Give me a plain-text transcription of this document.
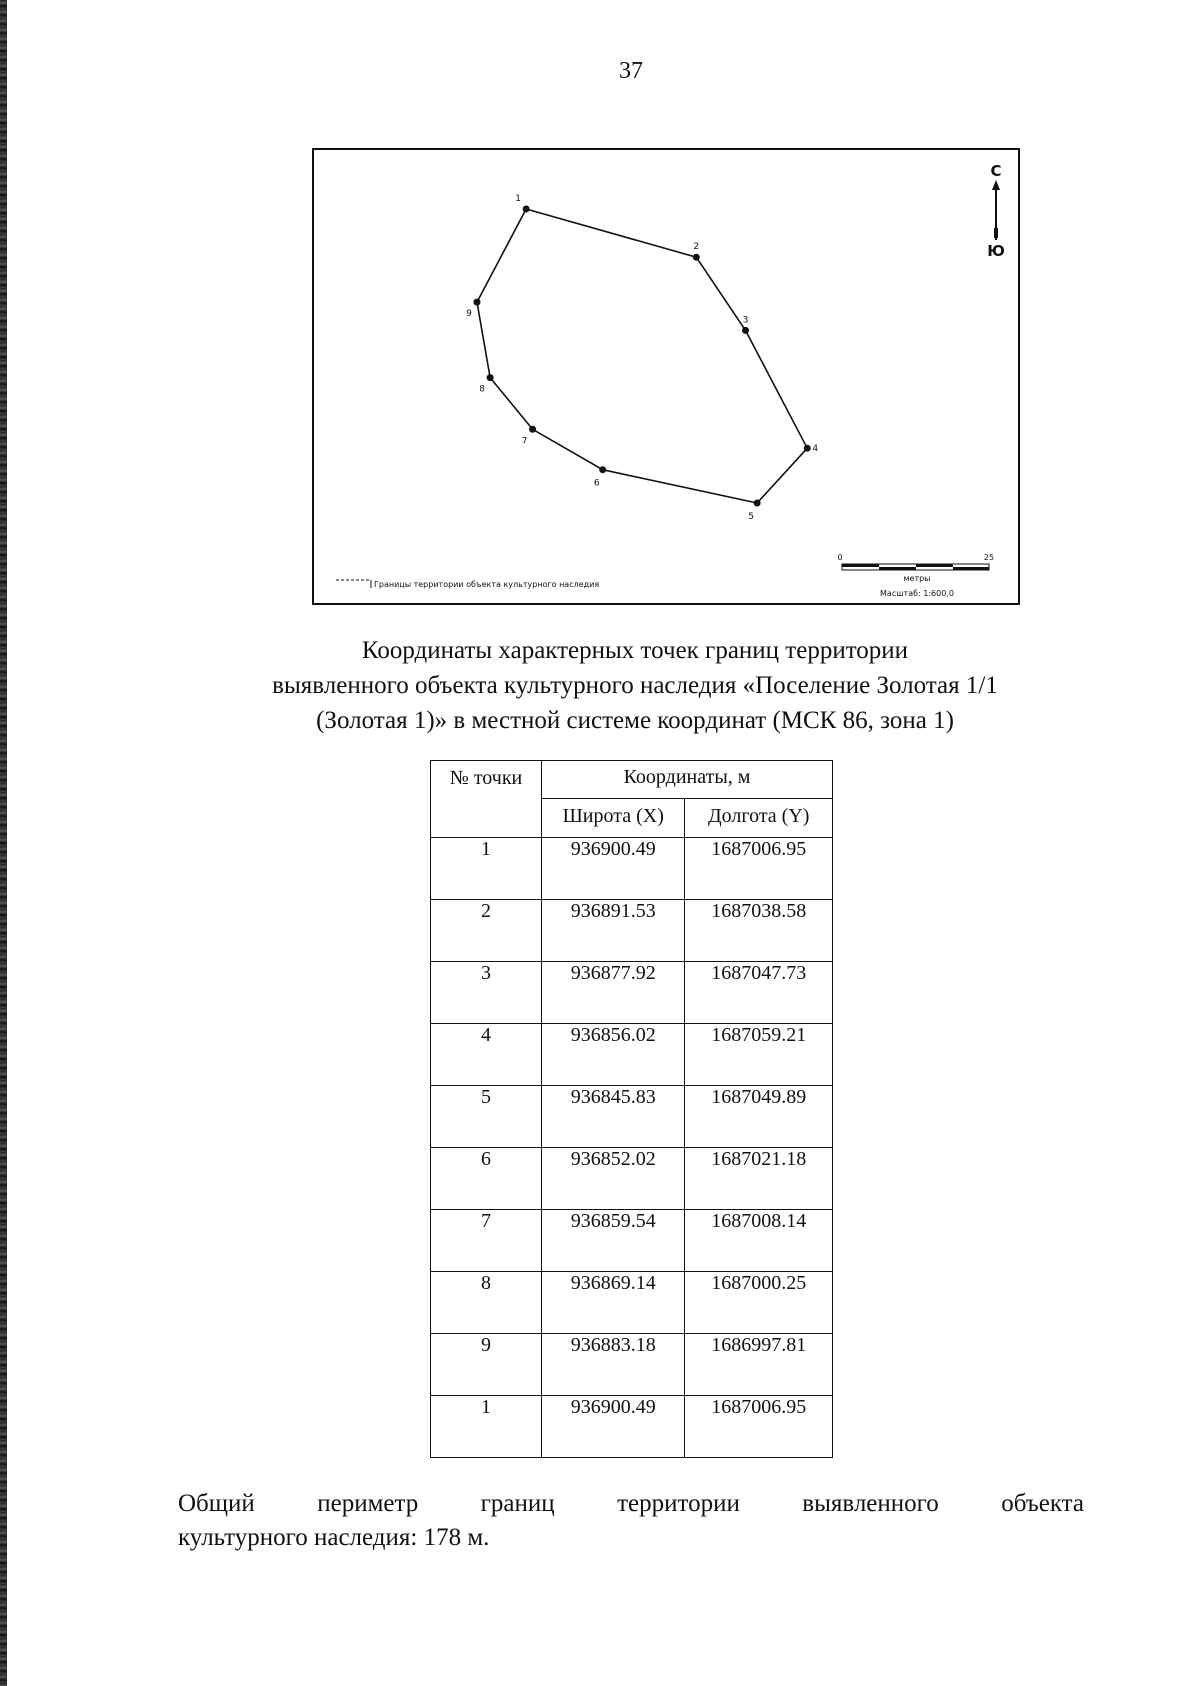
37
1
2
3
4
5
6
7
8
9
С
Ю
0	25
метры
Масштаб: 1:600,0
Границы территории объекта культурного наследия
Координаты характерных точек границ территории
выявленного объекта культурного наследия «Поселение Золотая 1/1
(Золотая 1)» в местной системе координат (МСК 86, зона 1)
№ точки	Координаты, м	
	Широта (X)	Долгота (Y)
1	936900.49	1687006.95
2	936891.53	1687038.58
3	936877.92	1687047.73
4	936856.02	1687059.21
5	936845.83	1687049.89
6	936852.02	1687021.18
7	936859.54	1687008.14
8	936869.14	1687000.25
9	936883.18	1686997.81
1	936900.49	1687006.95
Общий периметр границ территории выявленного объекта
культурного наследия: 178 м.
